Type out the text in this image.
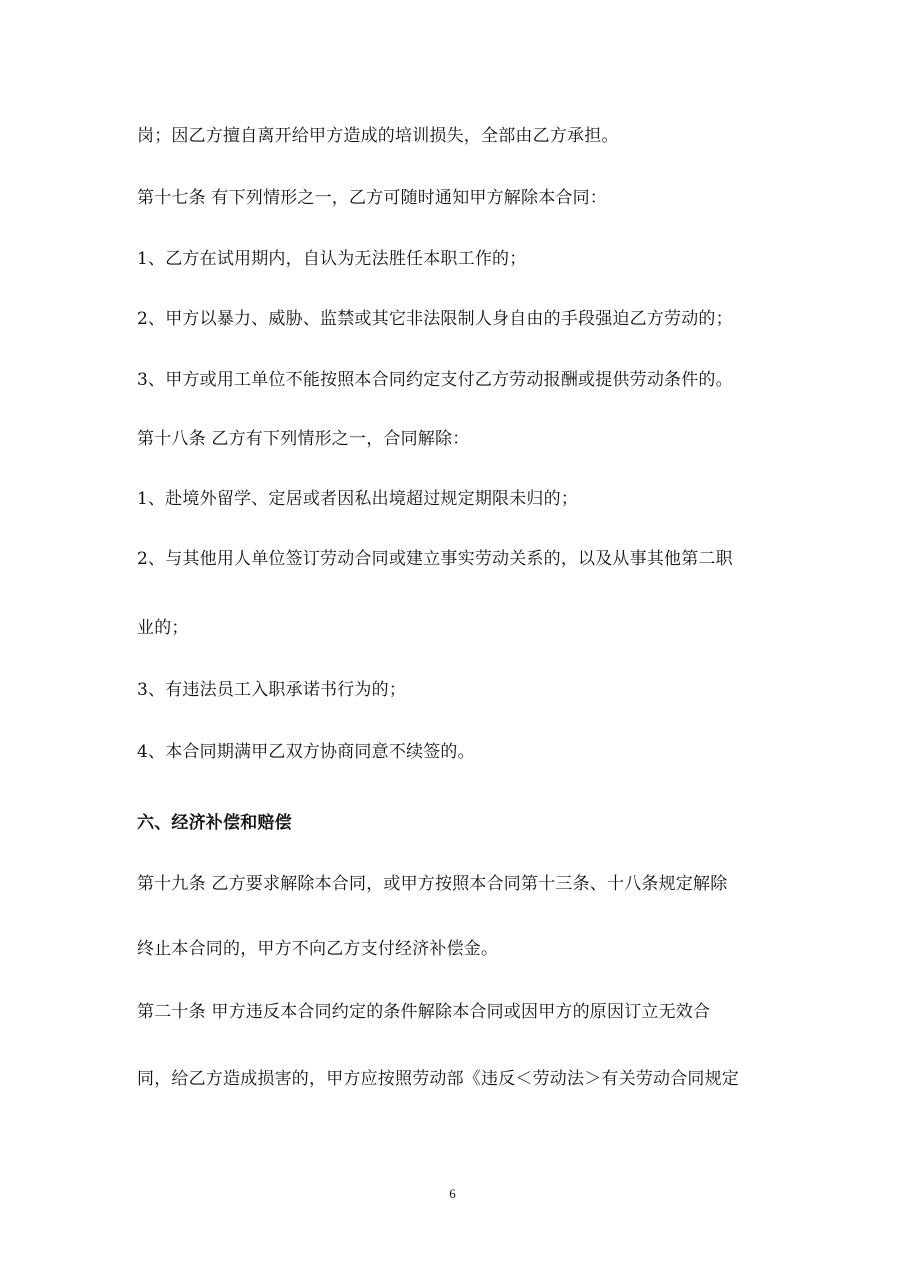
岗；因乙方擅自离开给甲方造成的培训损失，全部由乙方承担。
第十七条 有下列情形之一，乙方可随时通知甲方解除本合同：
1、乙方在试用期内，自认为无法胜任本职工作的；
2、甲方以暴力、威胁、监禁或其它非法限制人身自由的手段强迫乙方劳动的；
3、甲方或用工单位不能按照本合同约定支付乙方劳动报酬或提供劳动条件的。
第十八条 乙方有下列情形之一，合同解除：
1、赴境外留学、定居或者因私出境超过规定期限未归的；
2、与其他用人单位签订劳动合同或建立事实劳动关系的，以及从事其他第二职
业的；
3、有违法员工入职承诺书行为的；
4、本合同期满甲乙双方协商同意不续签的。
六、经济补偿和赔偿
第十九条 乙方要求解除本合同，或甲方按照本合同第十三条、十八条规定解除
终止本合同的，甲方不向乙方支付经济补偿金。
第二十条 甲方违反本合同约定的条件解除本合同或因甲方的原因订立无效合
同，给乙方造成损害的，甲方应按照劳动部《违反＜劳动法＞有关劳动合同规定
6
